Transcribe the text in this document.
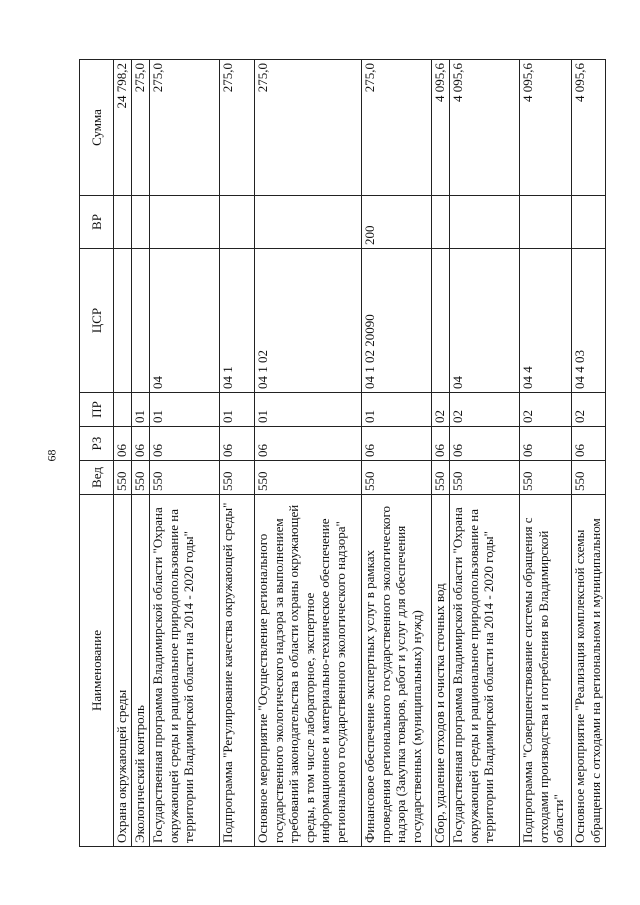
68
Наименование	Вед	РЗ	ПР	ЦСР	ВР	Сумма
Охрана окружающей среды	550	06				24 798,2
Экологический контроль	550	06	01			275,0
Государственная программа Владимирской области "Охрана окружающей среды и рациональное природопользование на территории Владимирской области на 2014 - 2020 годы"	550	06	01	04		275,0
Подпрограмма "Регулирование качества окружающей среды"	550	06	01	04 1		275,0
Основное мероприятие "Осуществление регионального государственного экологического надзора за выполнением требований законодательства в области охраны окружающей среды, в том числе лабораторное, экспертное информационное и материально-техническое обеспечение регионального государственного экологического надзора"	550	06	01	04 1 02		275,0
Финансовое обеспечение экспертных услуг в рамках проведения регионального государственного экологического надзора (Закупка товаров, работ и услуг для обеспечения государственных (муниципальных) нужд)	550	06	01	04 1 02 20090	200	275,0
Сбор, удаление отходов и очистка сточных вод	550	06	02			4 095,6
Государственная программа Владимирской области "Охрана окружающей среды и рациональное природопользование на территории Владимирской области на 2014 - 2020 годы"	550	06	02	04		4 095,6
Подпрограмма "Совершенствование системы обращения с отходами производства и потребления во Владимирской области"	550	06	02	04 4		4 095,6
Основное мероприятие "Реализация комплексной схемы обращения с отходами на региональном и муниципальном	550	06	02	04 4 03		4 095,6
